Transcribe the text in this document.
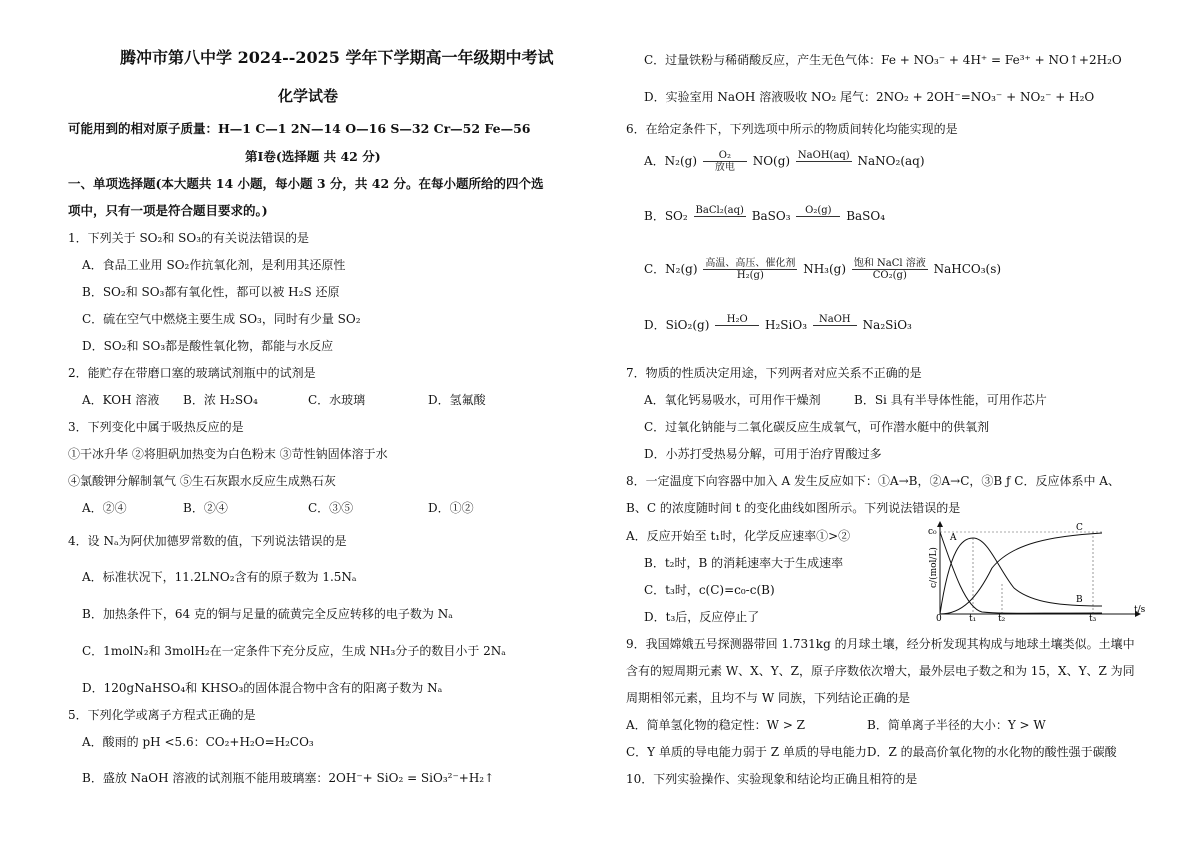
腾冲市第八中学 2024--2025 学年下学期高一年级期中考试
化学试卷
可能用到的相对原子质量：H—1 C—1 2N—14 O—16 S—32 Cr—52 Fe—56
第Ⅰ卷(选择题 共 42 分)
一、单项选择题(本大题共 14 小题，每小题 3 分，共 42 分。在每小题所给的四个选
项中，只有一项是符合题目要求的。)
1．下列关于 SO₂和 SO₃的有关说法错误的是
A．食品工业用 SO₂作抗氧化剂，是利用其还原性
B．SO₂和 SO₃都有氧化性，都可以被 H₂S 还原
C．硫在空气中燃烧主要生成 SO₃，同时有少量 SO₂
D．SO₂和 SO₃都是酸性氧化物，都能与水反应
2．能贮存在带磨口塞的玻璃试剂瓶中的试剂是
A．KOH 溶液 B．浓 H₂SO₄	C．水玻璃	D．氢氟酸
3．下列变化中属于吸热反应的是
①干冰升华 ②将胆矾加热变为白色粉末 ③苛性钠固体溶于水
④氯酸钾分解制氧气 ⑤生石灰跟水反应生成熟石灰
A．②④	B．②④	C．③⑤	D．①②
4．设 Nₐ为阿伏加德罗常数的值，下列说法错误的是
A．标准状况下，11.2LNO₂含有的原子数为 1.5Nₐ
B．加热条件下，64 克的铜与足量的硫黄完全反应转移的电子数为 Nₐ
C．1molN₂和 3molH₂在一定条件下充分反应，生成 NH₃分子的数目小于 2Nₐ
D．120gNaHSO₄和 KHSO₃的固体混合物中含有的阳离子数为 Nₐ
5．下列化学或离子方程式正确的是
A．酸雨的 pH <5.6：CO₂+H₂O=H₂CO₃
B．盛放 NaOH 溶液的试剂瓶不能用玻璃塞：2OH⁻+ SiO₂ = SiO₃²⁻+H₂↑
C．过量铁粉与稀硝酸反应，产生无色气体：Fe + NO₃⁻ + 4H⁺ = Fe³⁺ + NO↑+2H₂O
D．实验室用 NaOH 溶液吸收 NO₂ 尾气：2NO₂ + 2OH⁻=NO₃⁻ + NO₂⁻ + H₂O
6．在给定条件下，下列选项中所示的物质间转化均能实现的是
A．$N_2(g) \frac{\text{O₂}}{\text{放电}} NO(g)$ NaOH(aq)
NaNO₂(aq)
B．SO₂ BaCl₂(aq)
BaSO₃	O₂(g)
	BaSO₄
C．$N_2(g) \frac{\text{高温、高压、催化剂}}{\text{H₂(g)}} NH_3(g) \frac{\text{饱和 NaCl 溶液}}{\text{CO₂(g)}}$ NaHCO₃(s)
D．SiO₂(g)	H₂O
	H₂SiO₃	NaOH
	Na₂SiO₃
7．物质的性质决定用途，下列两者对应关系不正确的是
A．氧化钙易吸水，可用作干燥剂	B．Si 具有半导体性能，可用作芯片
C．过氧化钠能与二氧化碳反应生成氧气，可作潜水艇中的供氧剂
D．小苏打受热易分解，可用于治疗胃酸过多
8．一定温度下向容器中加入 A 发生反应如下：①A→B，②A→C，③B ƒ C．反应体系中 A、
B、C 的浓度随时间 t 的变化曲线如图所示。下列说法错误的是
A．反应开始至 t₁时，化学反应速率①>②
B．t₂时，B 的消耗速率大于生成速率
C．t₃时，c(C)=c₀-c(B)
D．t₃后，反应停止了
9．我国嫦娥五号探测器带回 1.731kg 的月球土壤，经分析发现其构成与地球土壤类似。土壤中
含有的短周期元素 W、X、Y、Z，原子序数依次增大，最外层电子数之和为 15，X、Y、Z 为同
周期相邻元素，且均不与 W 同族，下列结论正确的是
A．简单氢化物的稳定性：W > Z	B．简单离子半径的大小：Y > W
C．Y 单质的导电能力弱于 Z 单质的导电能力D．Z 的最高价氧化物的水化物的酸性强于碳酸
10．下列实验操作、实验现象和结论均正确且相符的是
c₀
c/(mol/L)
0	t₁ t₂	t₃
t/s
A
B
C
